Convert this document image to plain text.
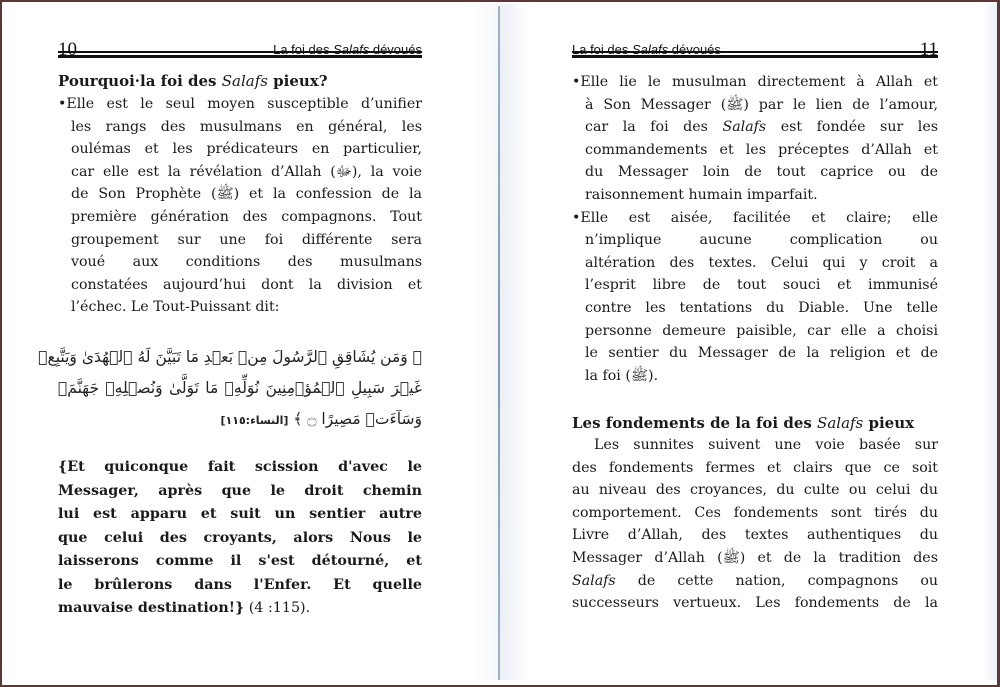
10	La foi des Salafs dévoués
Pourquoi·la foi des Salafs pieux?
•Elle est le seul moyen susceptible d’unifier
les rangs des musulmans en général, les
oulémas et les prédicateurs en particulier,
car elle est la révélation d’Allah (ﷻ), la voie
de Son Prophète (ﷺ) et la confession de la
première génération des compagnons. Tout
groupement sur une foi différente sera
voué aux conditions des musulmans
constatées aujourd’hui dont la division et
l’échec. Le Tout-Puissant dit:
﴿ وَمَن يُشَاقِقِ ٱلرَّسُولَ مِنۢ بَعۡدِ مَا تَبَيَّنَ لَهُ ٱلۡهُدَىٰ وَيَتَّبِعۡ
غَيۡرَ سَبِيلِ ٱلۡمُؤۡمِنِينَ نُوَلِّهِۦ مَا تَوَلَّىٰ وَنُصۡلِهِۦ جَهَنَّمَۖ
وَسَآءَتۡ مَصِيرًا ۝ ﴾ [النساء:١١٥]
{Et quiconque fait scission d'avec le
Messager, après que le droit chemin
lui est apparu et suit un sentier autre
que celui des croyants, alors Nous le
laisserons comme il s'est détourné, et
le brûlerons dans l'Enfer. Et quelle
mauvaise destination!} (4 :115).
La foi des Salafs dévoués	11
•Elle lie le musulman directement à Allah et
à Son Messager (ﷺ) par le lien de l’amour,
car la foi des Salafs est fondée sur les
commandements et les préceptes d’Allah et
du Messager loin de tout caprice ou de
raisonnement humain imparfait.
•Elle est aisée, facilitée et claire; elle
n’implique aucune complication ou
altération des textes. Celui qui y croit a
l’esprit libre de tout souci et immunisé
contre les tentations du Diable. Une telle
personne demeure paisible, car elle a choisi
le sentier du Messager de la religion et de
la foi (ﷺ).
Les fondements de la foi des Salafs pieux
Les sunnites suivent une voie basée sur
des fondements fermes et clairs que ce soit
au niveau des croyances, du culte ou celui du
comportement. Ces fondements sont tirés du
Livre d’Allah, des textes authentiques du
Messager d’Allah (ﷺ) et de la tradition des
Salafs de cette nation, compagnons ou
successeurs vertueux. Les fondements de la
